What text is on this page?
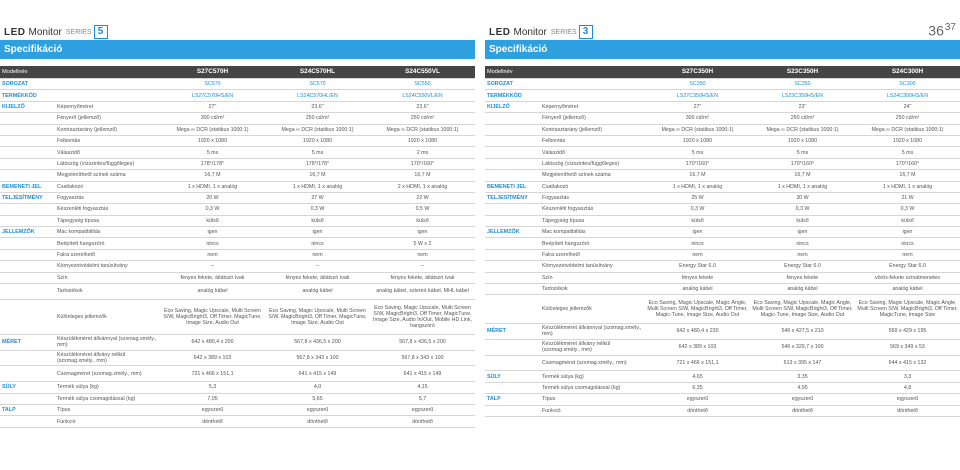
LED Monitor SERIES 5
Specifikáció
Modellnév		S27C570H	S24C570HL	S24C550VL
SOROZAT		SC570	SC570	SC550
TERMÉKKÓD		LS27C570HS/EN	LS24C570HL/EN	LS24C550VL/EN
KIJELZŐ	Képernyőméret	27"	23,6"	23,6"
	Fényerő (jellemző)	300 cd/m²	250 cd/m²	250 cd/m²
	Kontrasztarány (jellemző)	Mega ∞ DCR (statikus 1000:1)	Mega ∞ DCR (statikus 1000:1)	Mega ∞ DCR (statikus 1000:1)
	Felbontás	1920 x 1080	1920 x 1080	1920 x 1080
	Válaszidő	5 ms	5 ms	2 ms
	Látószög (vízszintes/függőleges)	178°/178°	178°/178°	170°/160°
	Megjeleníthető színek száma	16,7 M	16,7 M	16,7 M
BEMENETI JEL	Csatlakozó	1 x HDMI, 1 x analóg	1 x HDMI, 1 x analóg	2 x HDMI, 1 x analóg
TELJESÍTMÉNY	Fogyasztás	20 W	27 W	22 W
	Készenléti fogyasztás	0,3 W	0,3 W	0,5 W
	Tápegység típusa	külső	külső	külső
JELLEMZŐK	Mac kompatibilitás	igen	igen	igen
	Beépített hangszóró	nincs	nincs	5 W x 2
	Falra szerelhető	nem	nem	nem
	Környezetvédelmi tanúsítvány	--	--	--
	Szín	fényes fekete, átlátszó ívak	fényes fekete, átlátszó ívak	fényes fekete, átlátszó ívak
	Tartozékok	analóg kábel	analóg kábel	analóg kábel, sztereó kábel, MHL kábel
	Különleges jellemzők	Eco Saving, Magic Upscale, Multi Screen S/W, MagicBright3, Off Timer, MagicTune, Image Size, Audio Out	Eco Saving, Magic Upscale, Multi Screen S/W, MagicBright3, Off Timer, MagicTune, Image Size, Audio Out	Eco Saving, Magic Upscale, Multi Screen S/W, MagicBright3, Off Timer, MagicTune, Image Size, Audio In/Out, Mobile HD Link, hangszóró
MÉRET	Készülékméret állvánnyal (szxmag.xmély., mm)	642 x 480,4 x 200	567,8 x 436,5 x 200	567,8 x 436,5 x 200
	Készülékméret állvány nélkül (szxmag.xmély., mm)	642 x 389 x 103	567,8 x 343 x 100	567,8 x 343 x 100
	Csomagméret (szxmag.xmély., mm)	721 x 466 x 151,1	641 x 415 x 149	641 x 415 x 149
SÚLY	Termék súlya (kg)	5,3	4,0	4,15
	Termék súlya csomagolással (kg)	7,05	5,65	5,7
TALP	Típus	egyszerű	egyszerű	egyszerű
	Funkció	dönthető	dönthető	dönthető
LED Monitor SERIES 3	$36^{37}$
Specifikáció
Modellnév		S27C350H	S23C350H	S24C300H
SOROZAT		SC350	SC350	SC300
TERMÉKKÓD		LS27C350HS/EN	LS23C350HS/EN	LS24C300HS/EN
KIJELZŐ	Képernyőméret	27"	23"	24"
	Fényerő (jellemző)	300 cd/m²	250 cd/m²	250 cd/m²
	Kontrasztarány (jellemző)	Mega ∞ DCR (statikus 1000:1)	Mega ∞ DCR (statikus 1000:1)	Mega ∞ DCR (statikus 1000:1)
	Felbontás	1920 x 1080	1920 x 1080	1920 x 1080
	Válaszidő	5 ms	5 ms	5 ms
	Látószög (vízszintes/függőleges)	170°/160°	170°/160°	170°/160°
	Megjeleníthető színek száma	16,7 M	16,7 M	16,7 M
BEMENETI JEL	Csatlakozó	1 x HDMI, 1 x analóg	1 x HDMI, 1 x analóg	1 x HDMI, 1 x analóg
TELJESÍTMÉNY	Fogyasztás	25 W	30 W	21 W
	Készenléti fogyasztás	0,3 W	0,3 W	0,3 W
	Tápegység típusa	külső	külső	külső
JELLEMZŐK	Mac kompatibilitás	igen	igen	igen
	Beépített hangszóró	nincs	nincs	nincs
	Falra szerelhető	nem	nem	nem
	Környezetvédelmi tanúsítvány	Energy Star 6.0	Energy Star 6.0	Energy Star 6.0
	Szín	fényes fekete	fényes fekete	vörös-fekete színátmenetes
	Tartozékok	analóg kábel	analóg kábel	analóg kábel
	Különleges jellemzők	Eco Saving, Magic Upscale, Magic Angle, Multi Screen S/W, MagicBright3, Off Timer, Magic-Tune, Image Size, Audio Out	Eco Saving, Magic Upscale, Magic Angle, Multi Screen S/W, MagicBright3, Off Timer, Magic-Tune, Image Size, Audio Out	Eco Saving, Magic Upscale, Magic Angle, Multi Screen S/W, MagicBright3, Off Timer, MagicTune, Image Size
MÉRET	Készülékméret állvánnyal (szxmag.xmély., mm)	642 x 480,4 x 230	546 x 427,5 x 210	569 x 429 x 195
	Készülékméret állvány nélkül (szxmag.xmély., mm)	642 x 389 x 103	546 x 329,7 x 100	569 x 349 x 53
	Csomagméret (szxmag.xmély., mm)	721 x 466 x 151,1	613 x 395 x 147	644 x 415 x 132
SÚLY	Termék súlya (kg)	4,65	3,35	3,3
	Termék súlya csomagolással (kg)	6,35	4,95	4,8
TALP	Típus	egyszerű	egyszerű	egyszerű
	Funkció	dönthető	dönthető	dönthető
